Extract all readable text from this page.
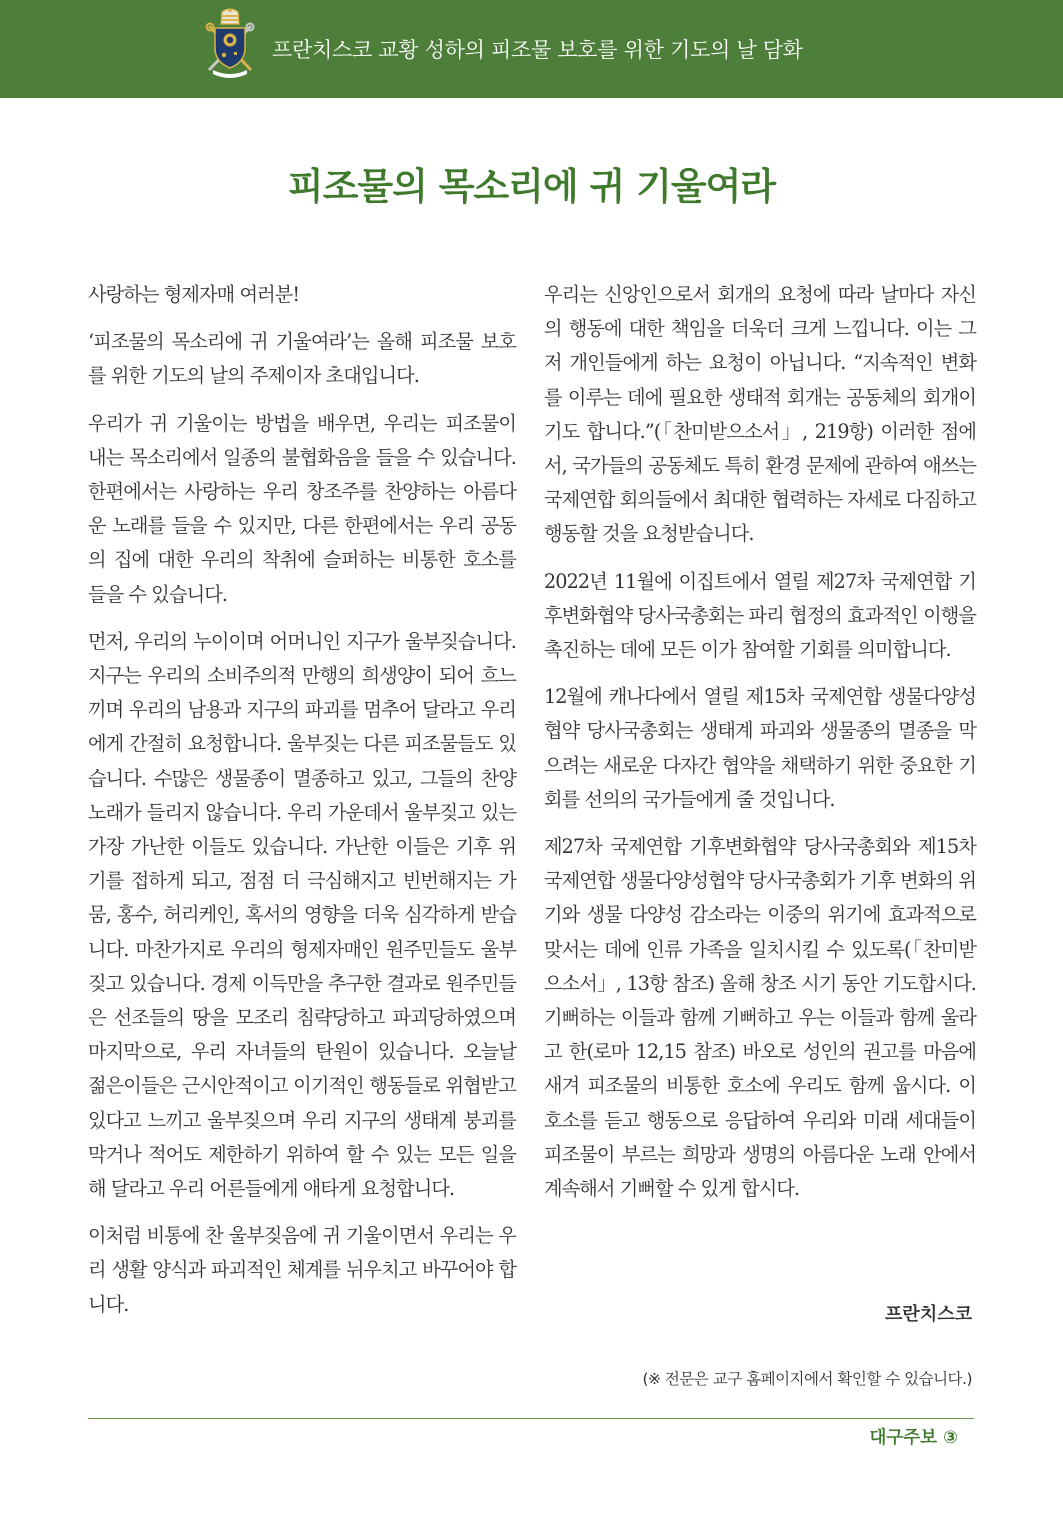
프란치스코 교황 성하의 피조물 보호를 위한 기도의 날 담화
피조물의 목소리에 귀 기울여라

사랑하는 형제자매 여러분!

‘피조물의 목소리에 귀 기울여라’는 올해 피조물 보호를 위한 기도의 날의 주제이자 초대입니다.

우리가 귀 기울이는 방법을 배우면, 우리는 피조물이 내는 목소리에서 일종의 불협화음을 들을 수 있습니다. 한편에서는 사랑하는 우리 창조주를 찬양하는 아름다운 노래를 들을 수 있지만, 다른 한편에서는 우리 공동의 집에 대한 우리의 착취에 슬퍼하는 비통한 호소를 들을 수 있습니다.

먼저, 우리의 누이이며 어머니인 지구가 울부짖습니다. 지구는 우리의 소비주의적 만행의 희생양이 되어 흐느끼며 우리의 남용과 지구의 파괴를 멈추어 달라고 우리에게 간절히 요청합니다. 울부짖는 다른 피조물들도 있습니다. 수많은 생물종이 멸종하고 있고, 그들의 찬양 노래가 들리지 않습니다. 우리 가운데서 울부짖고 있는 가장 가난한 이들도 있습니다. 가난한 이들은 기후 위기를 접하게 되고, 점점 더 극심해지고 빈번해지는 가뭄, 홍수, 허리케인, 혹서의 영향을 더욱 심각하게 받습니다. 마찬가지로 우리의 형제자매인 원주민들도 울부짖고 있습니다. 경제 이득만을 추구한 결과로 원주민들은 선조들의 땅을 모조리 침략당하고 파괴당하였으며 마지막으로, 우리 자녀들의 탄원이 있습니다. 오늘날 젊은이들은 근시안적이고 이기적인 행동들로 위협받고 있다고 느끼고 울부짖으며 우리 지구의 생태계 붕괴를 막거나 적어도 제한하기 위하여 할 수 있는 모든 일을 해 달라고 우리 어른들에게 애타게 요청합니다.

이처럼 비통에 찬 울부짖음에 귀 기울이면서 우리는 우리 생활 양식과 파괴적인 체계를 뉘우치고 바꾸어야 합니다.

우리는 신앙인으로서 회개의 요청에 따라 날마다 자신의 행동에 대한 책임을 더욱더 크게 느낍니다. 이는 그저 개인들에게 하는 요청이 아닙니다. “지속적인 변화를 이루는 데에 필요한 생태적 회개는 공동체의 회개이기도 합니다.”(「찬미받으소서」, 219항) 이러한 점에서, 국가들의 공동체도 특히 환경 문제에 관하여 애쓰는 국제연합 회의들에서 최대한 협력하는 자세로 다짐하고 행동할 것을 요청받습니다.

2022년 11월에 이집트에서 열릴 제27차 국제연합 기후변화협약 당사국총회는 파리 협정의 효과적인 이행을 촉진하는 데에 모든 이가 참여할 기회를 의미합니다.

12월에 캐나다에서 열릴 제15차 국제연합 생물다양성협약 당사국총회는 생태계 파괴와 생물종의 멸종을 막으려는 새로운 다자간 협약을 채택하기 위한 중요한 기회를 선의의 국가들에게 줄 것입니다.

제27차 국제연합 기후변화협약 당사국총회와 제15차 국제연합 생물다양성협약 당사국총회가 기후 변화의 위기와 생물 다양성 감소라는 이중의 위기에 효과적으로 맞서는 데에 인류 가족을 일치시킬 수 있도록(「찬미받으소서」, 13항 참조) 올해 창조 시기 동안 기도합시다. 기뻐하는 이들과 함께 기뻐하고 우는 이들과 함께 울라고 한(로마 12,15 참조) 바오로 성인의 권고를 마음에 새겨 피조물의 비통한 호소에 우리도 함께 웁시다. 이 호소를 듣고 행동으로 응답하여 우리와 미래 세대들이 피조물이 부르는 희망과 생명의 아름다운 노래 안에서 계속해서 기뻐할 수 있게 합시다.

프란치스코
(※ 전문은 교구 홈페이지에서 확인할 수 있습니다.)
대구주보 ③
